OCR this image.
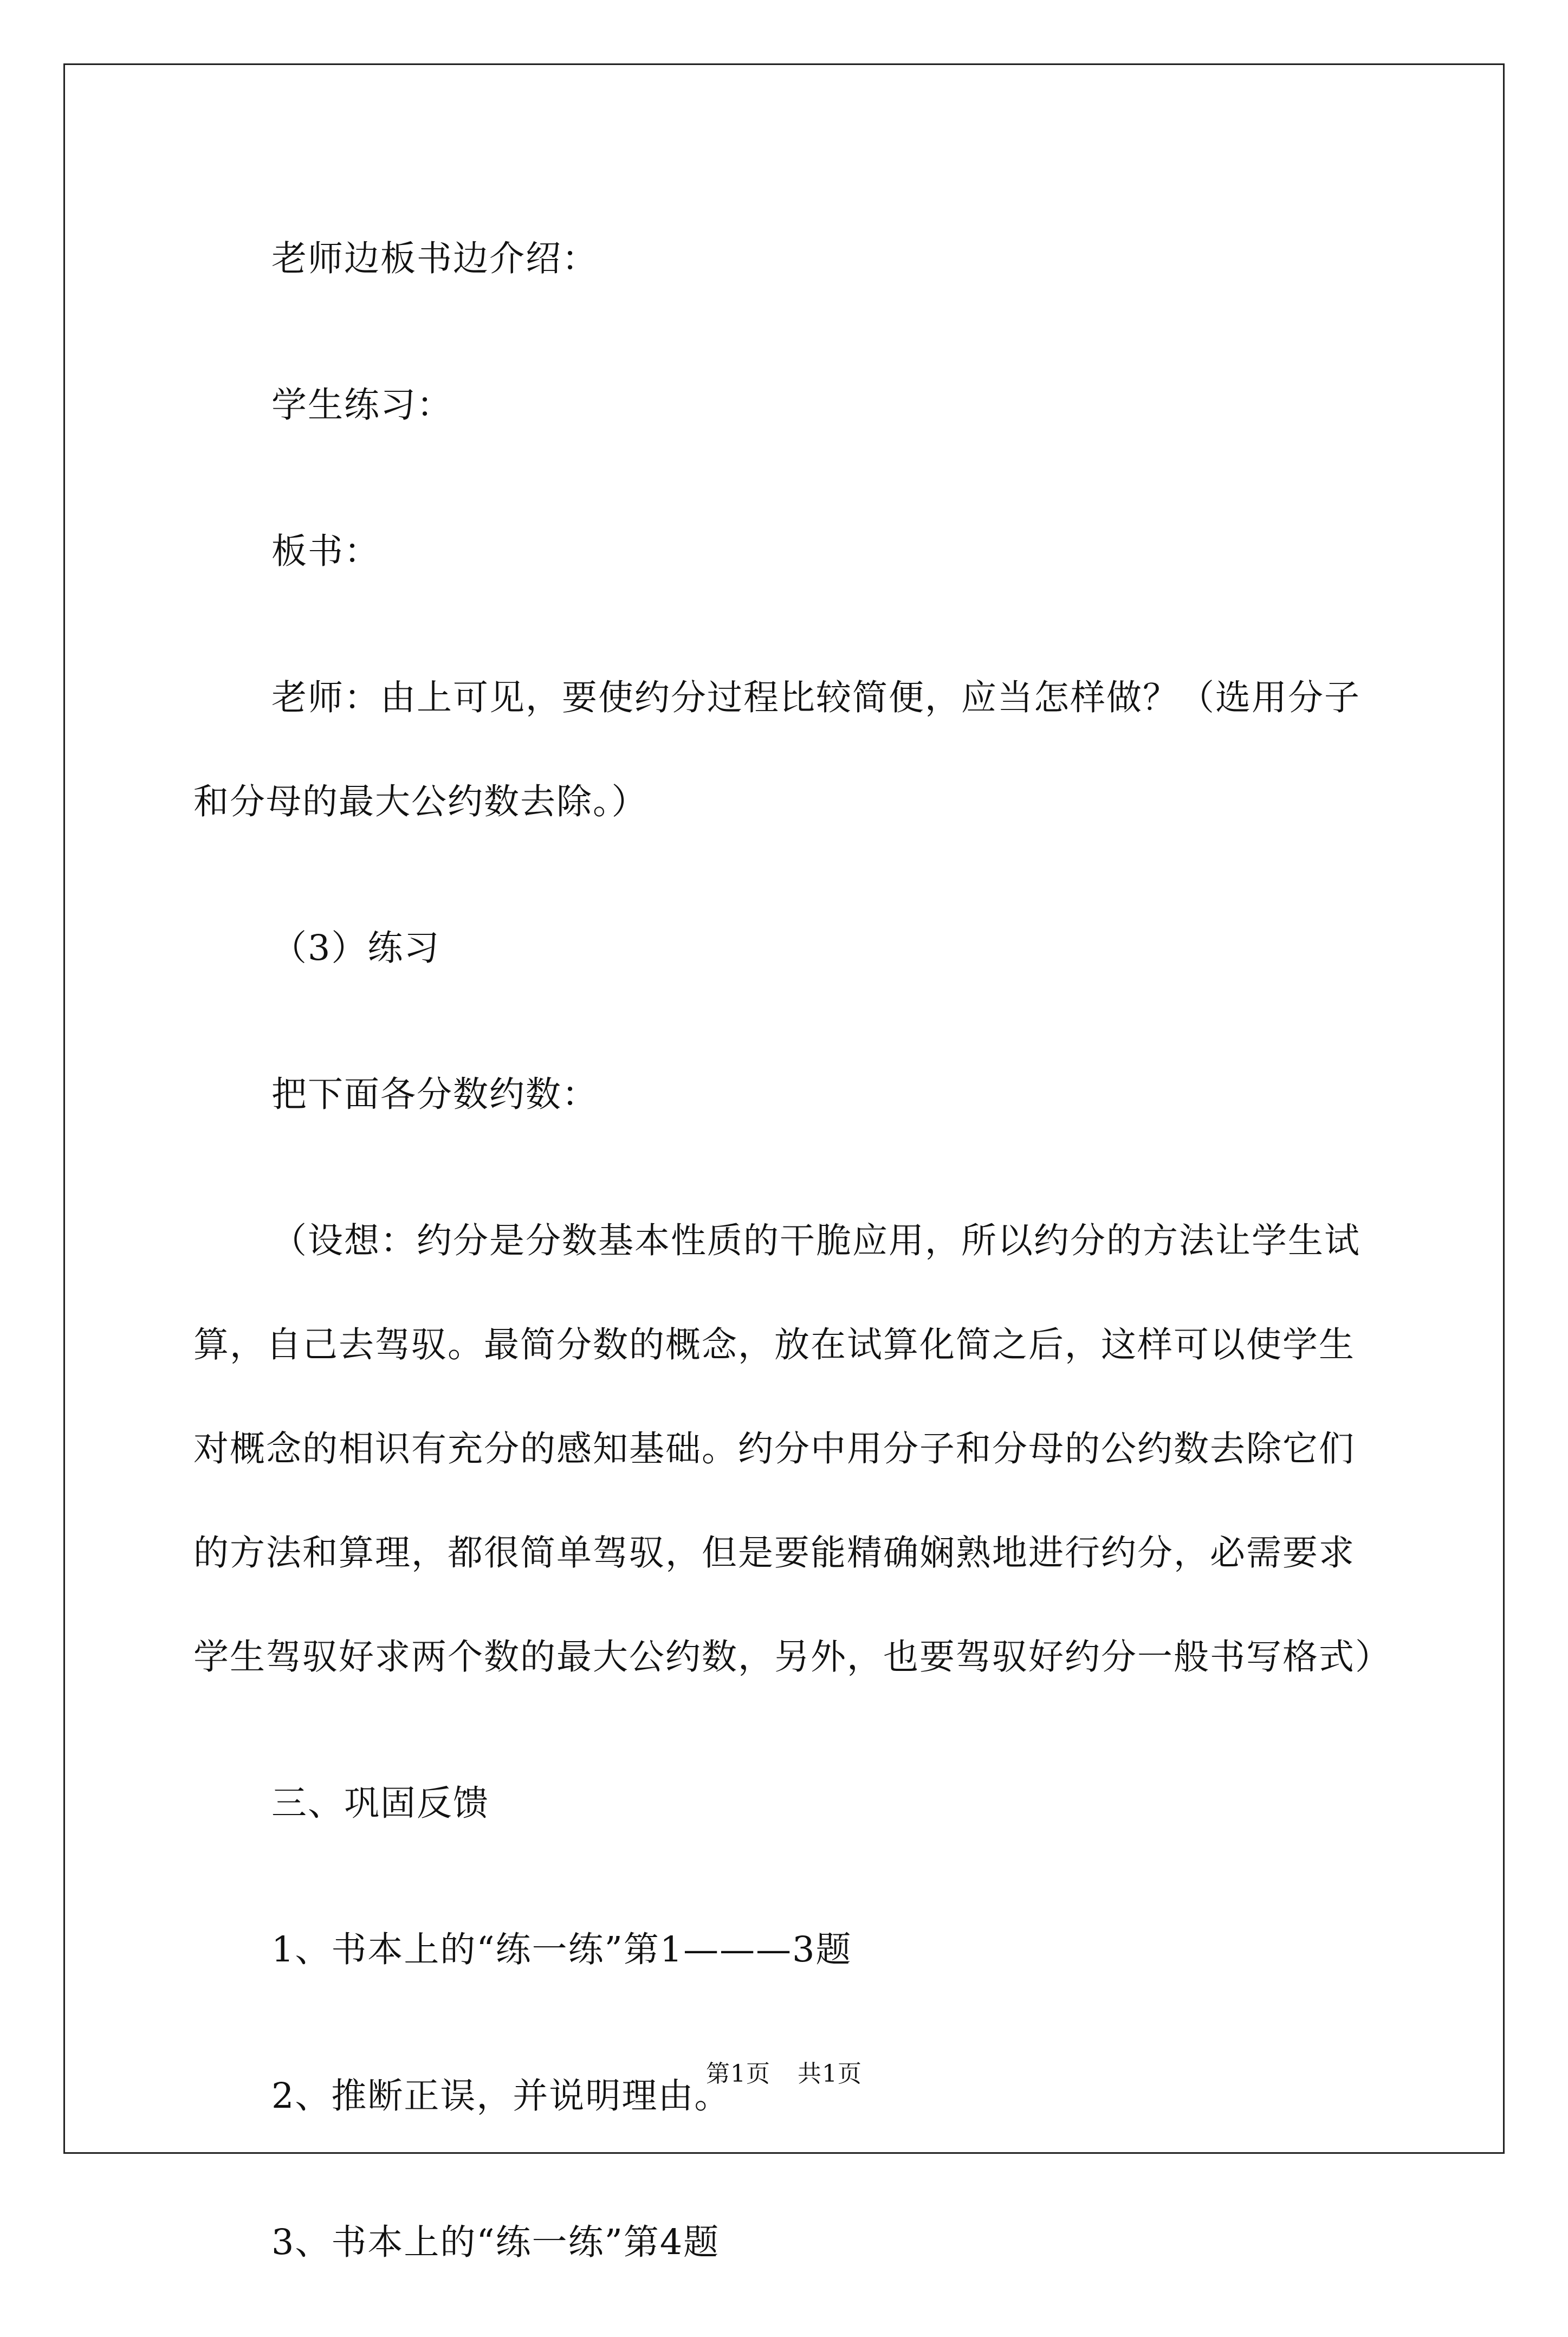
老师边板书边介绍：

学生练习：

板书：

老师：由上可见，要使约分过程比较简便，应当怎样做？（选用分子和分母的最大公约数去除。）

（3）练习

把下面各分数约数：

（设想：约分是分数基本性质的干脆应用，所以约分的方法让学生试算，自己去驾驭。最简分数的概念，放在试算化简之后，这样可以使学生对概念的相识有充分的感知基础。约分中用分子和分母的公约数去除它们的方法和算理，都很简单驾驭，但是要能精确娴熟地进行约分，必需要求学生驾驭好求两个数的最大公约数，另外，也要驾驭好约分一般书写格式）

三、巩固反馈

1、书本上的“练一练”第1———3题

2、推断正误，并说明理由。

3、书本上的“练一练”第4题

第1页 共1页
